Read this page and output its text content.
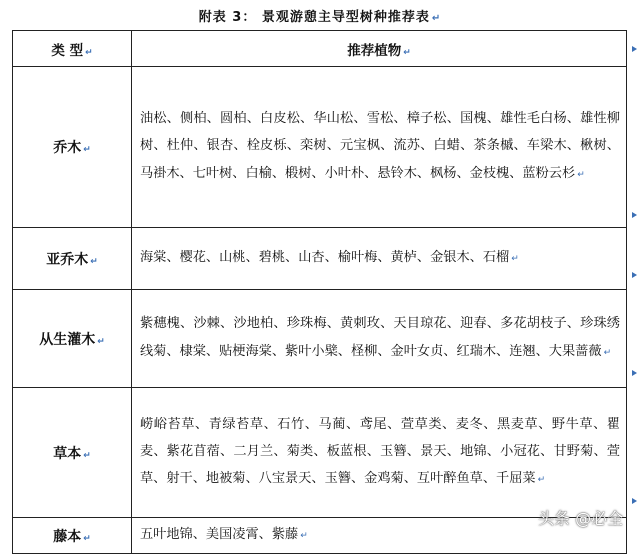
附表 3： 景观游憩主导型树种推荐表 ↵
类 型 ↵	推荐植物 ↵
乔木 ↵	油松、侧柏、圆柏、白皮松、华山松、雪松、樟子松、国槐、雄性毛白杨、雄性柳树、杜仲、银杏、栓皮栎、栾树、元宝枫、流苏、白蜡、茶条槭、车梁木、楸树、马褂木、七叶树、白榆、椴树、小叶朴、悬铃木、枫杨、金枝槐、蓝粉云杉 ↵
亚乔木 ↵	海棠、樱花、山桃、碧桃、山杏、榆叶梅、黄栌、金银木、石榴 ↵
从生灌木 ↵	紫穗槐、沙棘、沙地柏、珍珠梅、黄刺玫、天目琼花、迎春、多花胡枝子、珍珠绣线菊、棣棠、贴梗海棠、紫叶小檗、柽柳、金叶女贞、红瑞木、连翘、大果蔷薇 ↵
草本 ↵	崂峪苔草、青绿苔草、石竹、马蔺、鸢尾、萱草类、麦冬、黑麦草、野牛草、瞿麦、紫花苜蓿、二月兰、菊类、板蓝根、玉簪、景天、地锦、小冠花、甘野菊、萱草、射干、地被菊、八宝景天、玉簪、金鸡菊、互叶醉鱼草、千屈菜 ↵
藤本 ↵	五叶地锦、美国凌霄、紫藤 ↵
头条 @必全
